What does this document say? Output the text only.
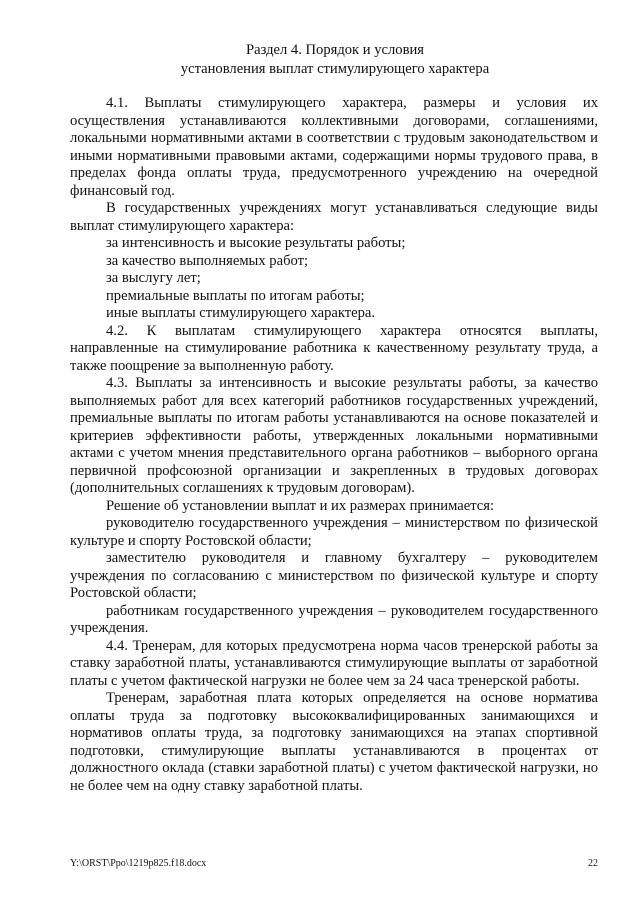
Раздел 4. Порядок и условия
установления выплат стимулирующего характера

4.1. Выплаты стимулирующего характера, размеры и условия их осуществления устанавливаются коллективными договорами, соглашениями, локальными нормативными актами в соответствии с трудовым законодательством и иными нормативными правовыми актами, содержащими нормы трудового права, в пределах фонда оплаты труда, предусмотренного учреждению на очередной финансовый год.

В государственных учреждениях могут устанавливаться следующие виды выплат стимулирующего характера:

за интенсивность и высокие результаты работы;

за качество выполняемых работ;

за выслугу лет;

премиальные выплаты по итогам работы;

иные выплаты стимулирующего характера.

4.2. К выплатам стимулирующего характера относятся выплаты, направленные на стимулирование работника к качественному результату труда, а также поощрение за выполненную работу.

4.3. Выплаты за интенсивность и высокие результаты работы, за качество выполняемых работ для всех категорий работников государственных учреждений, премиальные выплаты по итогам работы устанавливаются на основе показателей и критериев эффективности работы, утвержденных локальными нормативными актами с учетом мнения представительного органа работников – выборного органа первичной профсоюзной организации и закрепленных в трудовых договорах (дополнительных соглашениях к трудовым договорам).

Решение об установлении выплат и их размерах принимается:

руководителю государственного учреждения – министерством по физической культуре и спорту Ростовской области;

заместителю руководителя и главному бухгалтеру – руководителем учреждения по согласованию с министерством по физической культуре и спорту Ростовской области;

работникам государственного учреждения – руководителем государственного учреждения.

4.4. Тренерам, для которых предусмотрена норма часов тренерской работы за ставку заработной платы, устанавливаются стимулирующие выплаты от заработной платы с учетом фактической нагрузки не более чем за 24 часа тренерской работы.

Тренерам, заработная плата которых определяется на основе норматива оплаты труда за подготовку высококвалифицированных занимающихся и нормативов оплаты труда, за подготовку занимающихся на этапах спортивной подготовки, стимулирующие выплаты устанавливаются в процентах от должностного оклада (ставки заработной платы) с учетом фактической нагрузки, но не более чем на одну ставку заработной платы.

Y:\ORST\Ppo\1219p825.f18.docx	22
